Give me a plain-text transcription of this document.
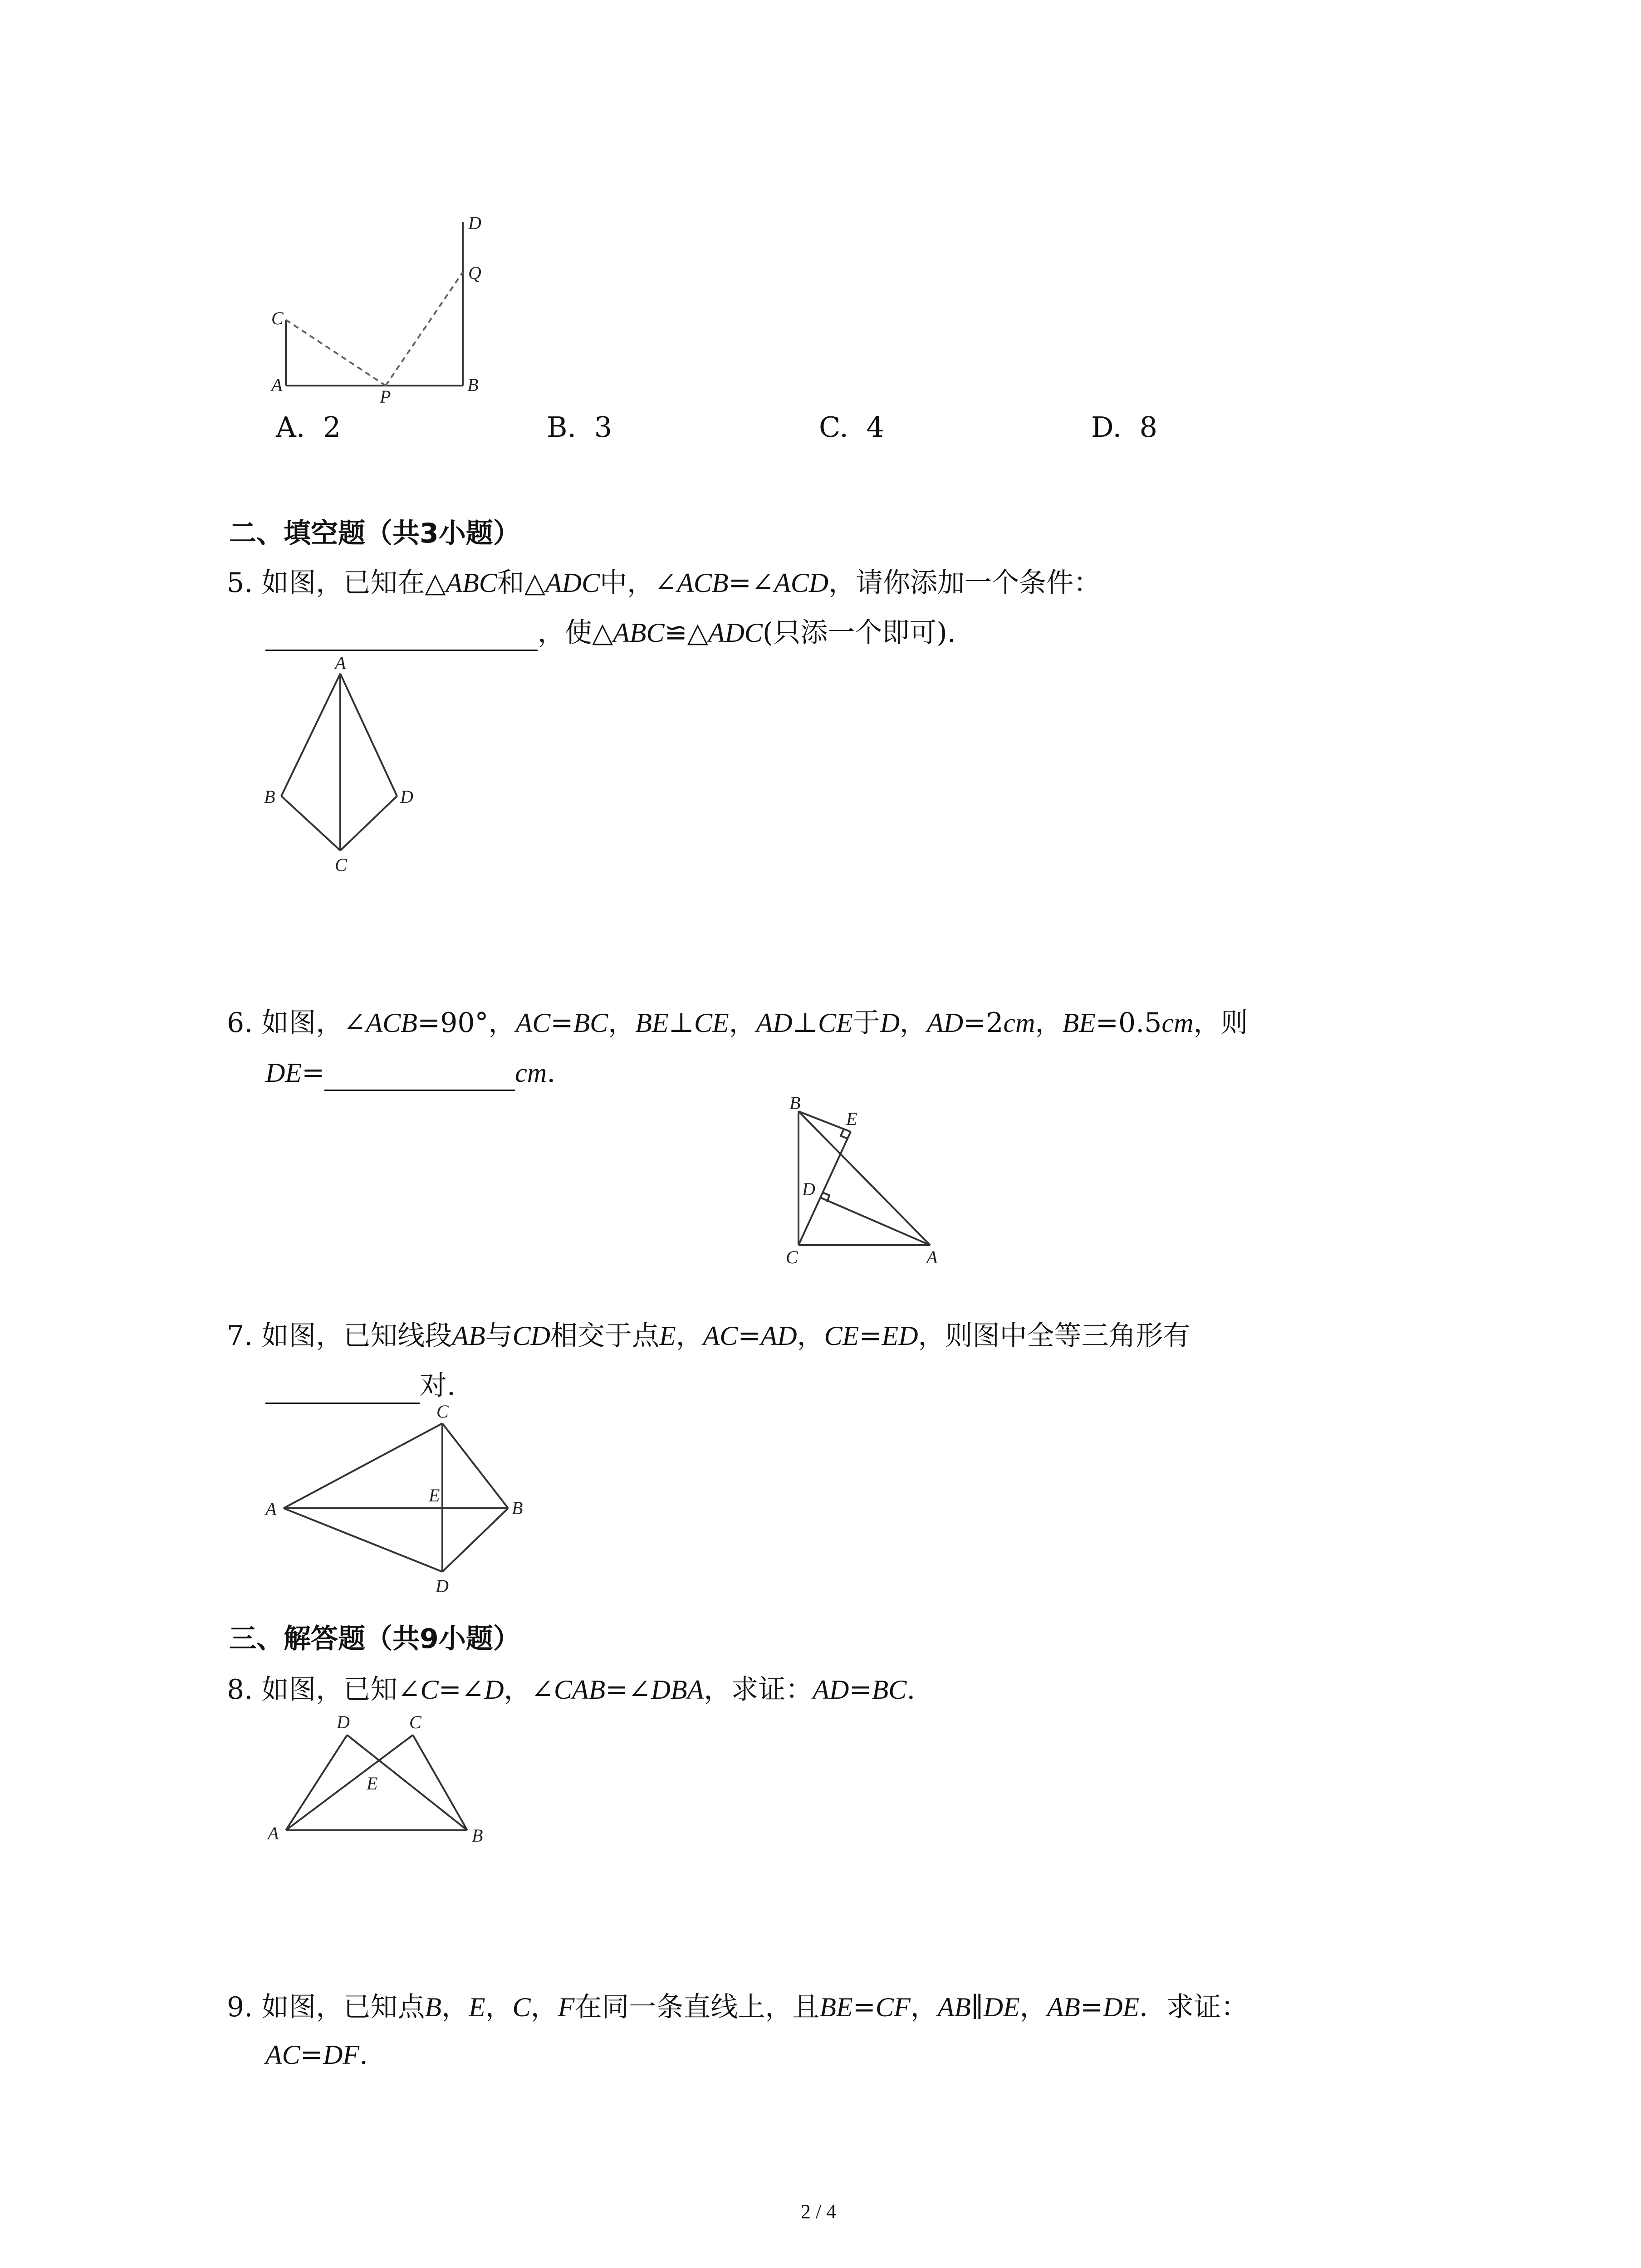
D
Q
C
A
P
B
A. 2	B. 3	C. 4	D. 8
二、填空题（共3小题）
5. 如图，已知在△ABC和△ADC中，∠ACB=∠ACD，请你添加一个条件：
，使△ABC≌△ADC(只添一个即可).
A
B	D
C
6. 如图，∠ACB=90°，AC=BC，BE⊥CE，AD⊥CE于D，AD=2cm，BE=0.5cm，则
DE=	cm.
B
E
D
C	A
7. 如图，已知线段AB与CD相交于点E，AC=AD，CE=ED，则图中全等三角形有
对.
C
A
E
B
D
三、解答题（共9小题）
8. 如图，已知∠C=∠D，∠CAB=∠DBA，求证：AD=BC.
D	C
E
A	B
9. 如图，已知点B，E，C，F在同一条直线上，且BE=CF，AB∥DE，AB=DE．求证：
AC=DF.
2 / 4
